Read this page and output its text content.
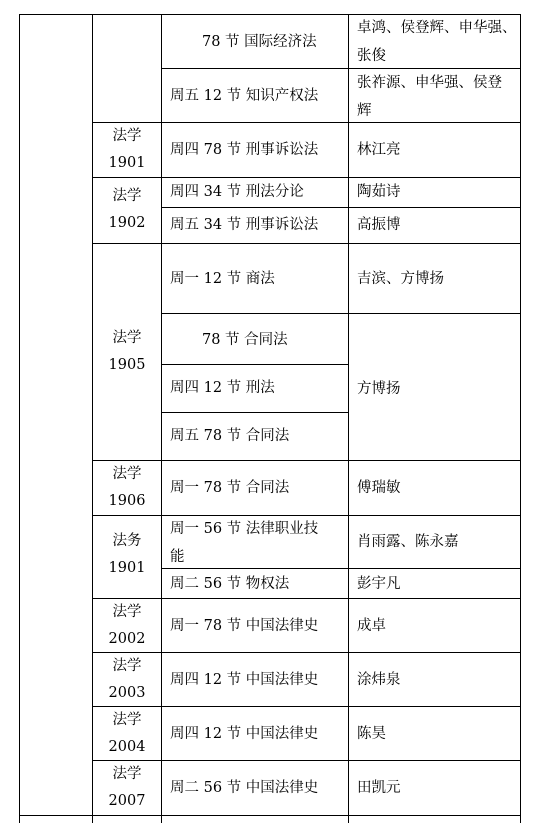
法学
1901
法学
1902
法学
1905
法学
1906
法务
1901
法学
2002
法学
2003
法学
2004
法学
2007
78 节 国际经济法
周五 12 节 知识产权法
周四 78 节 刑事诉讼法
周四 34 节 刑法分论
周五 34 节 刑事诉讼法
周一 12 节 商法
78 节 合同法
周四 12 节 刑法
周五 78 节 合同法
周一 78 节 合同法
周一 56 节 法律职业技
能
周二 56 节 物权法
周一 78 节 中国法律史
周四 12 节 中国法律史
周四 12 节 中国法律史
周二 56 节 中国法律史
卓鸿、侯登辉、申华强、
张俊
张祚源、申华强、侯登
辉
林江亮
陶茹诗
高振博
吉滨、方博扬
方博扬
傅瑞敏
肖雨露、陈永嘉
彭宇凡
成卓
涂炜泉
陈昊
田凯元
